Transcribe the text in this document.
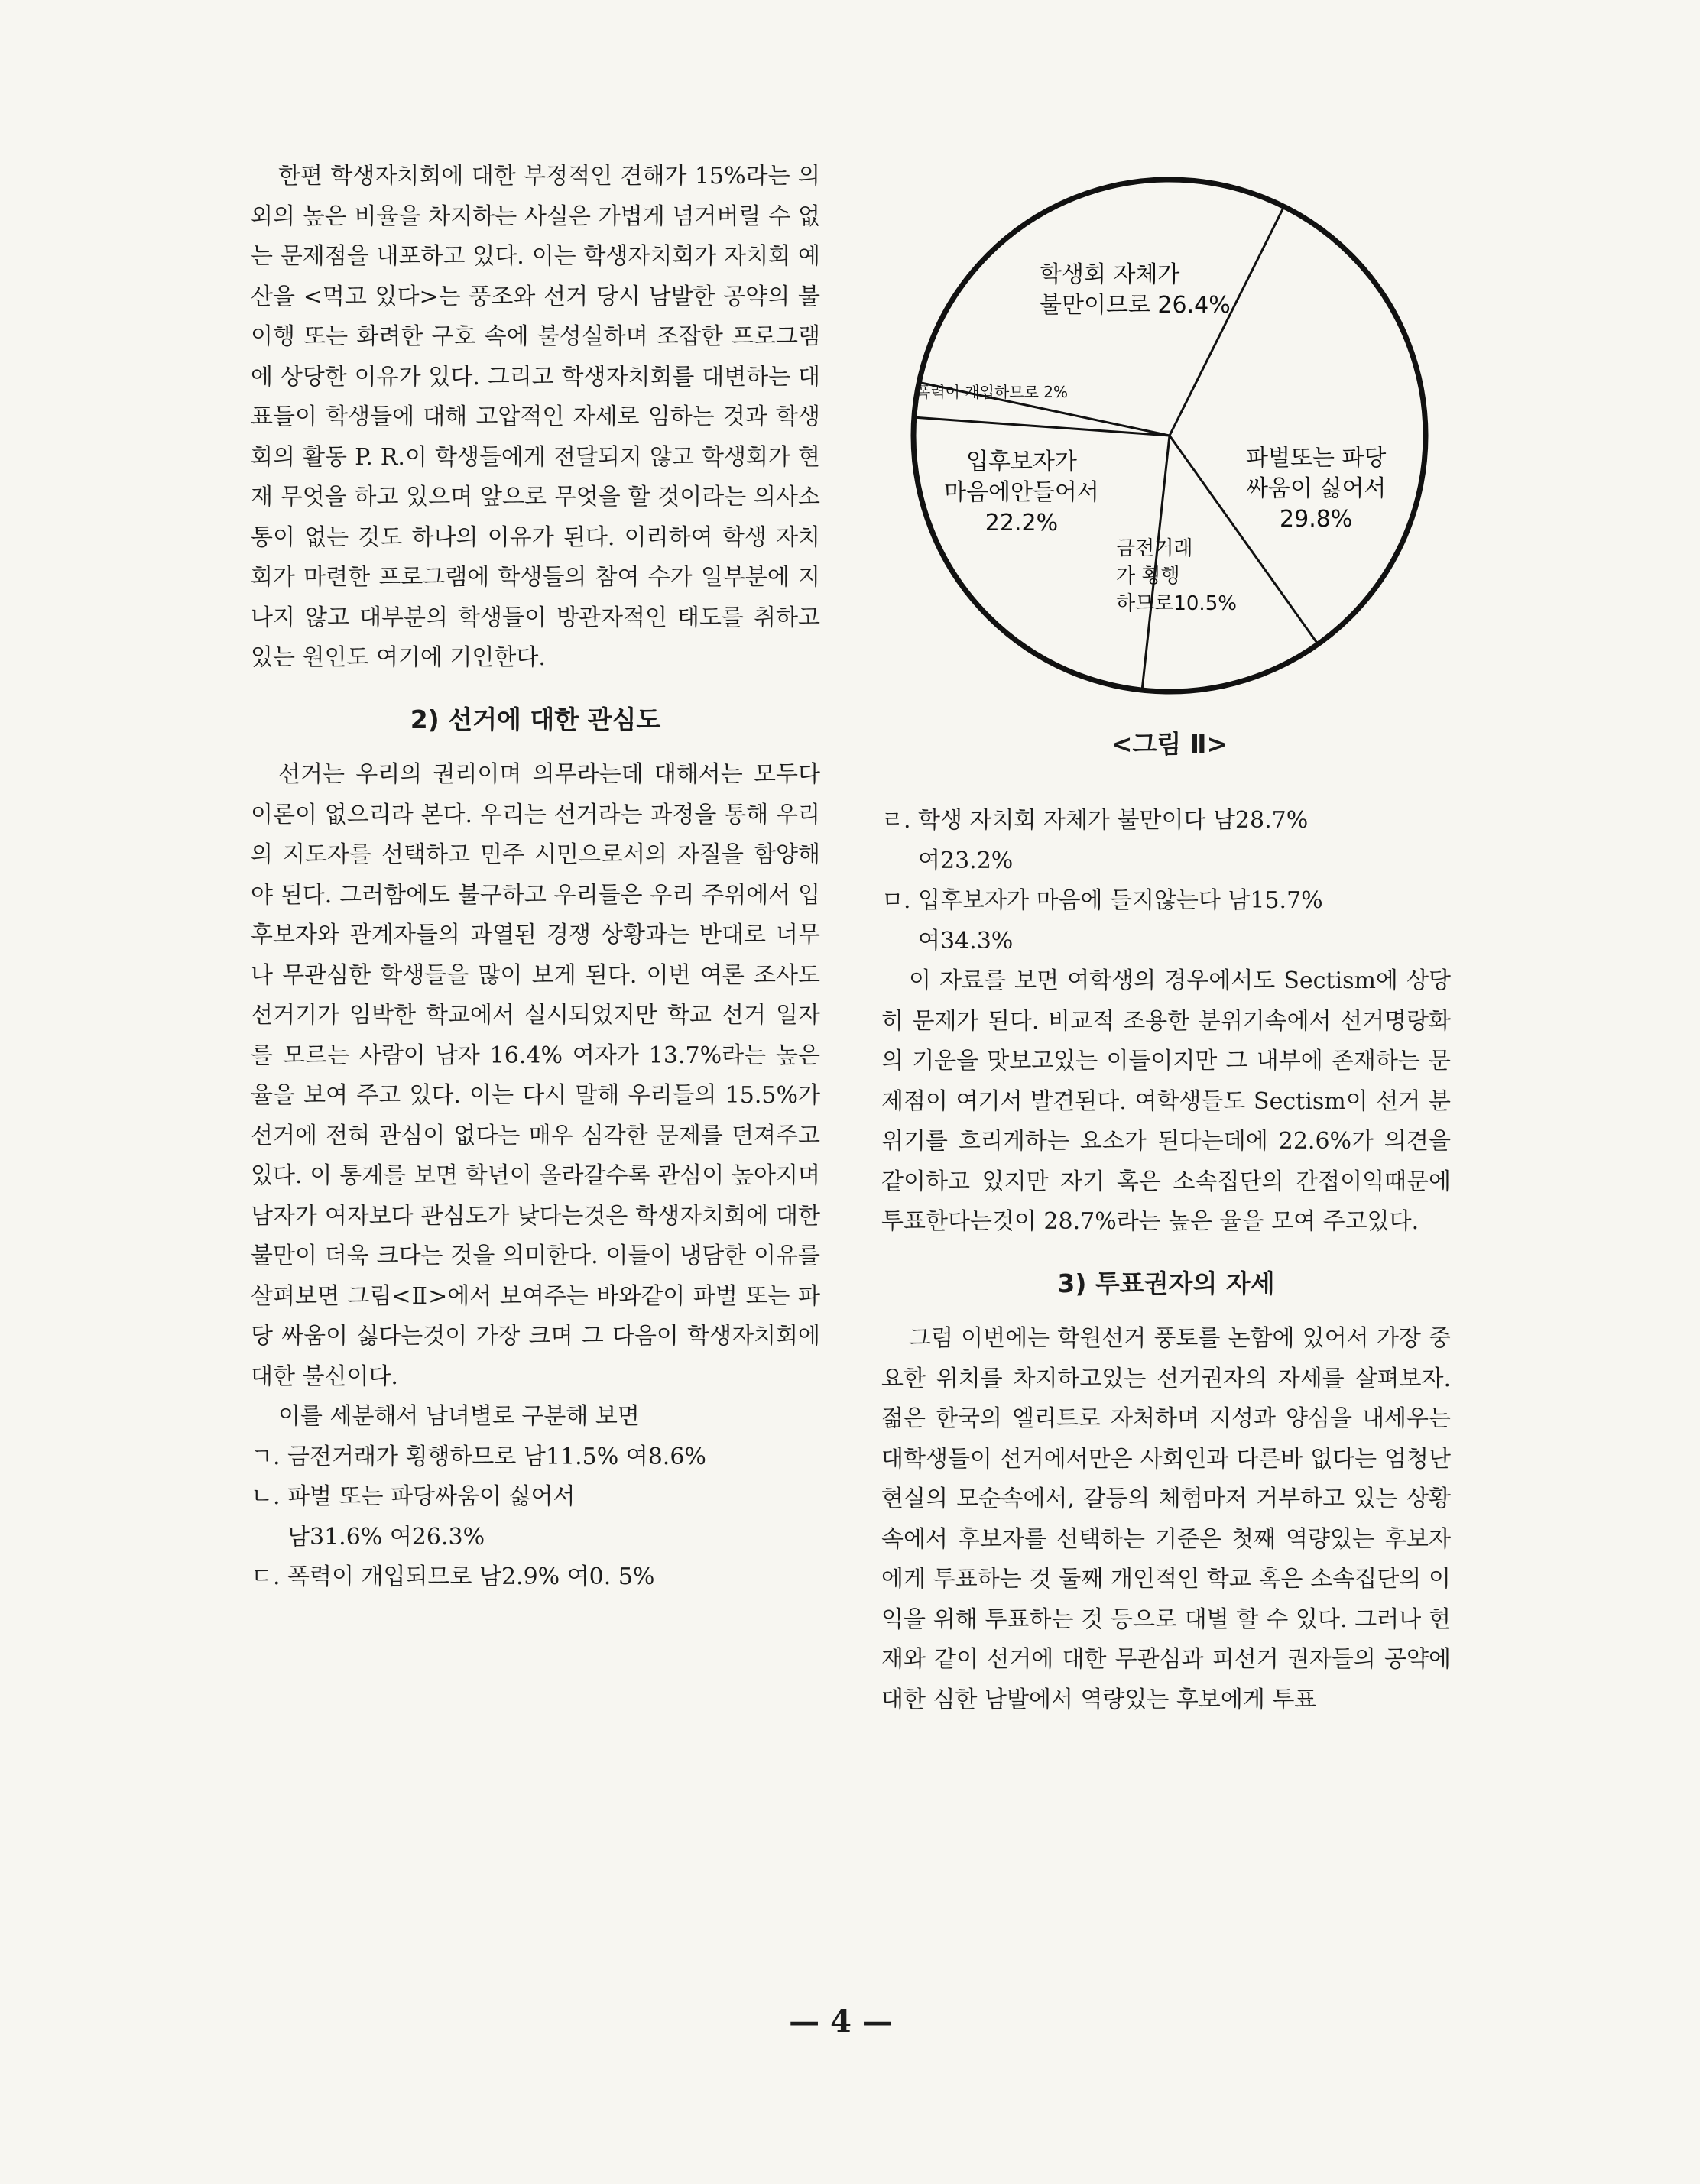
한편 학생자치회에 대한 부정적인 견해가 15%라는 의외의 높은 비율을 차지하는 사실은 가볍게 넘거버릴 수 없는 문제점을 내포하고 있다. 이는 학생자치회가 자치회 예산을 <먹고 있다>는 풍조와 선거 당시 남발한 공약의 불이행 또는 화려한 구호 속에 불성실하며 조잡한 프로그램에 상당한 이유가 있다. 그리고 학생자치회를 대변하는 대표들이 학생들에 대해 고압적인 자세로 임하는 것과 학생회의 활동 P. R.이 학생들에게 전달되지 않고 학생회가 현재 무엇을 하고 있으며 앞으로 무엇을 할 것이라는 의사소통이 없는 것도 하나의 이유가 된다. 이리하여 학생 자치회가 마련한 프로그램에 학생들의 참여 수가 일부분에 지나지 않고 대부분의 학생들이 방관자적인 태도를 취하고 있는 원인도 여기에 기인한다.

2) 선거에 대한 관심도

선거는 우리의 권리이며 의무라는데 대해서는 모두다 이론이 없으리라 본다. 우리는 선거라는 과정을 통해 우리의 지도자를 선택하고 민주 시민으로서의 자질을 함양해야 된다. 그러함에도 불구하고 우리들은 우리 주위에서 입후보자와 관계자들의 과열된 경쟁 상황과는 반대로 너무나 무관심한 학생들을 많이 보게 된다. 이번 여론 조사도 선거기가 임박한 학교에서 실시되었지만 학교 선거 일자를 모르는 사람이 남자 16.4% 여자가 13.7%라는 높은 율을 보여 주고 있다. 이는 다시 말해 우리들의 15.5%가 선거에 전혀 관심이 없다는 매우 심각한 문제를 던져주고 있다. 이 통계를 보면 학년이 올라갈수록 관심이 높아지며 남자가 여자보다 관심도가 낮다는것은 학생자치회에 대한 불만이 더욱 크다는 것을 의미한다. 이들이 냉담한 이유를 살펴보면 그림<Ⅱ>에서 보여주는 바와같이 파벌 또는 파당 싸움이 싫다는것이 가장 크며 그 다음이 학생자치회에 대한 불신이다.

이를 세분해서 남녀별로 구분해 보면

ㄱ. 금전거래가 횡행하므로 남11.5% 여8.6%

ㄴ. 파벌 또는 파당싸움이 싫어서

남31.6% 여26.3%

ㄷ. 폭력이 개입되므로 남2.9% 여0. 5%

학생회 자체가
불만이므로 26.4%
파벌또는 파당
싸움이 싫어서
29.8%
금전거래
가 횡행
하므로10.5%
입후보자가
마음에안들어서
22.2%
폭력이 개입하므로 2%
<그림 Ⅱ>

ㄹ. 학생 자치회 자체가 불만이다 남28.7%

여23.2%

ㅁ. 입후보자가 마음에 들지않는다 남15.7%

여34.3%

이 자료를 보면 여학생의 경우에서도 Sectism에 상당히 문제가 된다. 비교적 조용한 분위기속에서 선거명랑화의 기운을 맛보고있는 이들이지만 그 내부에 존재하는 문제점이 여기서 발견된다. 여학생들도 Sectism이 선거 분위기를 흐리게하는 요소가 된다는데에 22.6%가 의견을 같이하고 있지만 자기 혹은 소속집단의 간접이익때문에 투표한다는것이 28.7%라는 높은 율을 모여 주고있다.

3) 투표권자의 자세

그럼 이번에는 학원선거 풍토를 논함에 있어서 가장 중요한 위치를 차지하고있는 선거권자의 자세를 살펴보자. 젊은 한국의 엘리트로 자처하며 지성과 양심을 내세우는 대학생들이 선거에서만은 사회인과 다른바 없다는 엄청난 현실의 모순속에서, 갈등의 체험마저 거부하고 있는 상황 속에서 후보자를 선택하는 기준은 첫째 역량있는 후보자에게 투표하는 것 둘째 개인적인 학교 혹은 소속집단의 이익을 위해 투표하는 것 등으로 대별 할 수 있다. 그러나 현재와 같이 선거에 대한 무관심과 피선거 권자들의 공약에 대한 심한 남발에서 역량있는 후보에게 투표

— 4 —
